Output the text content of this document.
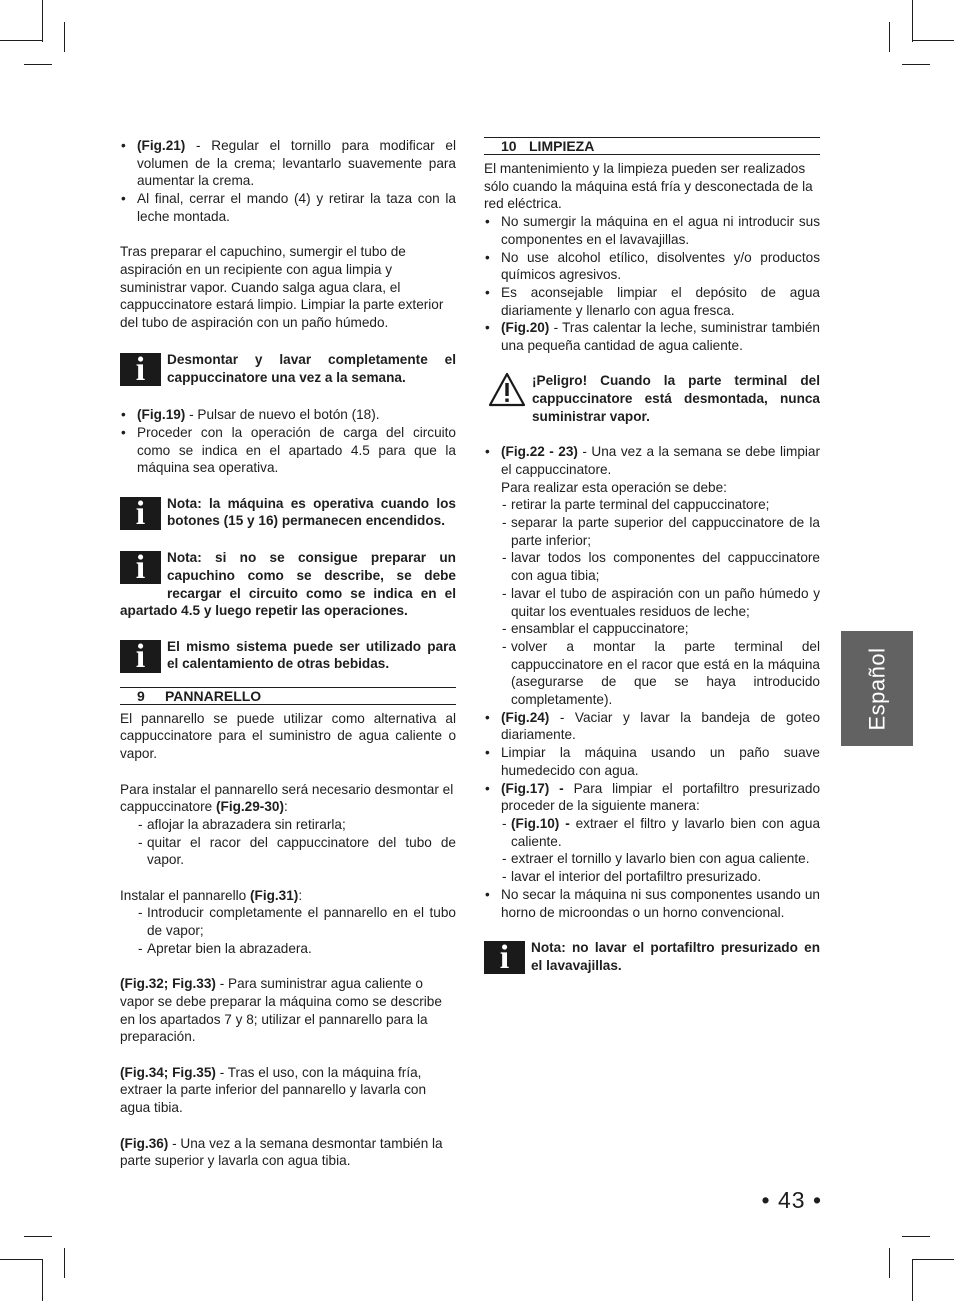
• (Fig.21) - Regular el tornillo para modificar el volumen de la crema; levantarlo suavemente para aumentar la crema.
• Al final, cerrar el mando (4) y retirar la taza con la leche montada.

Tras preparar el capuchino, sumergir el tubo de aspiración en un recipiente con agua limpia y suministrar vapor. Cuando salga agua clara, el cappuccinatore estará limpio. Limpiar la parte exterior del tubo de aspiración con un paño húmedo.

i	Desmontar y lavar completamente el cappuccinatore una vez a la semana.
• (Fig.19) - Pulsar de nuevo el botón (18).
• Proceder con la operación de carga del circuito como se indica en el apartado 4.5 para que la máquina sea operativa.
i	Nota: la máquina es operativa cuando los botones (15 y 16) permanecen encendidos.
i	Nota: si no se consigue preparar un capuchino como se describe, se debe recargar el circuito como se indica en el apartado 4.5 y luego repetir las operaciones.
i	El mismo sistema puede ser utilizado para el calentamiento de otras bebidas.
9 PANNARELLO

El pannarello se puede utilizar como alternativa al cappuccinatore para el suministro de agua caliente o vapor.

Para instalar el pannarello será necesario desmontar el cappuccinatore (Fig.29-30):

- aflojar la abrazadera sin retirarla;
- quitar el racor del cappuccinatore del tubo de vapor.

Instalar el pannarello (Fig.31):

- Introducir completamente el pannarello en el tubo de vapor;
- Apretar bien la abrazadera.

(Fig.32; Fig.33) - Para suministrar agua caliente o vapor se debe preparar la máquina como se describe en los apartados 7 y 8; utilizar el pannarello para la preparación.

(Fig.34; Fig.35) - Tras el uso, con la máquina fría, extraer la parte inferior del pannarello y lavarla con agua tibia.

(Fig.36) - Una vez a la semana desmontar también la parte superior y lavarla con agua tibia.

10 LIMPIEZA

El mantenimiento y la limpieza pueden ser realizados sólo cuando la máquina está fría y desconectada de la red eléctrica.

• No sumergir la máquina en el agua ni introducir sus componentes en el lavavajillas.
• No use alcohol etílico, disolventes y/o productos químicos agresivos.
• Es aconsejable limpiar el depósito de agua diariamente y llenarlo con agua fresca.
• (Fig.20) - Tras calentar la leche, suministrar también una pequeña cantidad de agua caliente.
¡Peligro! Cuando la parte terminal del cappuccinatore está desmontada, nunca suministrar vapor.
• (Fig.22 - 23) - Una vez a la semana se debe limpiar el cappuccinatore.

Para realizar esta operación se debe:

- retirar la parte terminal del cappuccinatore;
- separar la parte superior del cappuccinatore de la parte inferior;
- lavar todos los componentes del cappuccinatore con agua tibia;
- lavar el tubo de aspiración con un paño húmedo y quitar los eventuales residuos de leche;
- ensamblar el cappuccinatore;
- volver a montar la parte terminal del cappuccinatore en el racor que está en la máquina (asegurarse de que se haya introducido completamente).
• (Fig.24) - Vaciar y lavar la bandeja de goteo diariamente.
• Limpiar la máquina usando un paño suave humedecido con agua.
• (Fig.17) - Para limpiar el portafiltro presurizado proceder de la siguiente manera:
- (Fig.10) - extraer el filtro y lavarlo bien con agua caliente.
- extraer el tornillo y lavarlo bien con agua caliente.
- lavar el interior del portafiltro presurizado.
• No secar la máquina ni sus componentes usando un horno de microondas o un horno convencional.
i	Nota: no lavar el portafiltro presurizado en el lavavajillas.
Español
• 43 •
